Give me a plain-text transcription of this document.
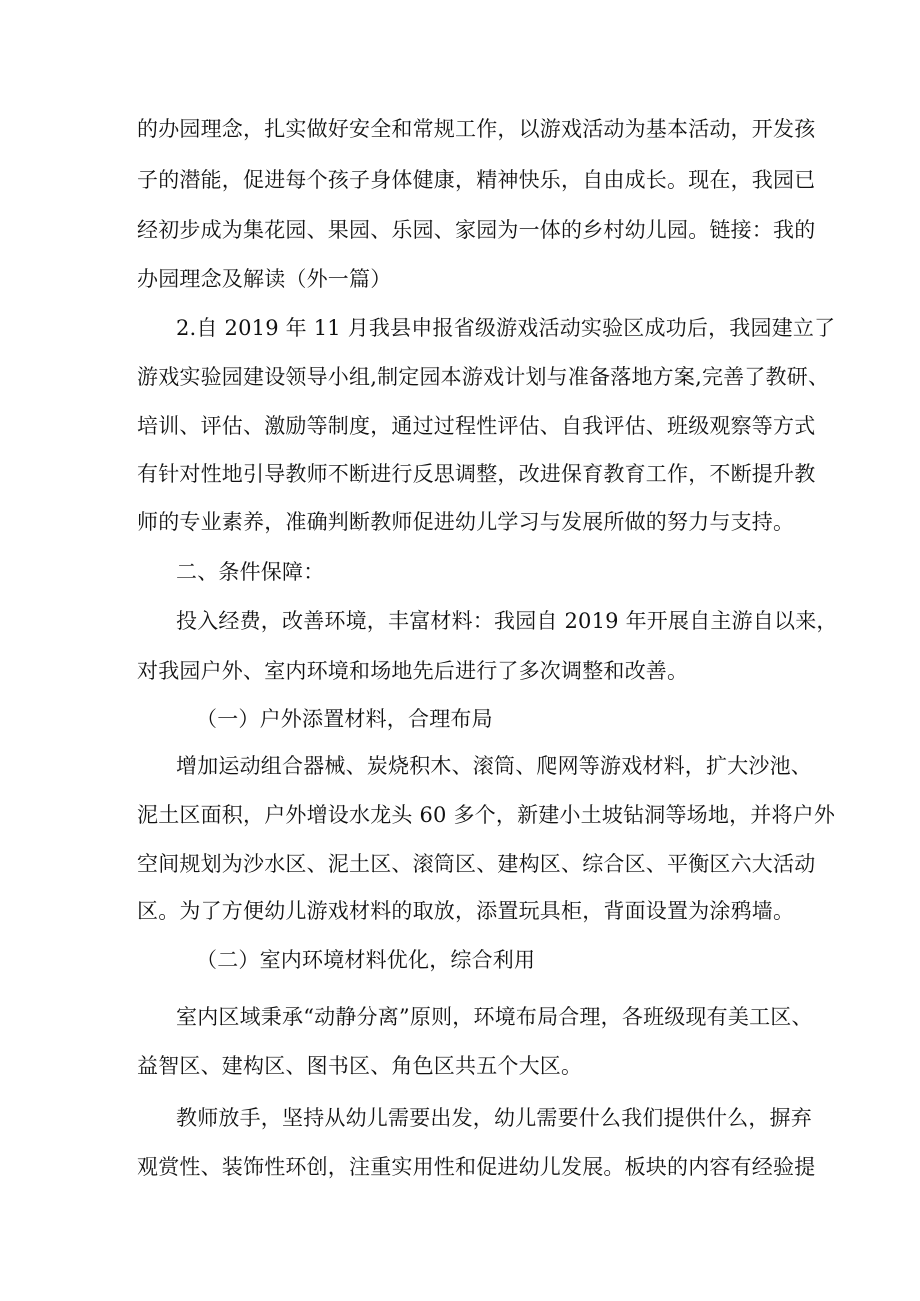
的办园理念，扎实做好安全和常规工作，以游戏活动为基本活动，开发孩

子的潜能，促进每个孩子身体健康，精神快乐，自由成长。现在，我园已

经初步成为集花园、果园、乐园、家园为一体的乡村幼儿园。链接：我的

办园理念及解读（外一篇）

2.自 2019 年 11 月我县申报省级游戏活动实验区成功后，我园建立了

游戏实验园建设领导小组,制定园本游戏计划与准备落地方案,完善了教研、

培训、评估、激励等制度，通过过程性评估、自我评估、班级观察等方式

有针对性地引导教师不断进行反思调整，改进保育教育工作，不断提升教

师的专业素养，准确判断教师促进幼儿学习与发展所做的努力与支持。

二、条件保障：

投入经费，改善环境，丰富材料：我园自 2019 年开展自主游自以来，

对我园户外、室内环境和场地先后进行了多次调整和改善。

（一）户外添置材料，合理布局

增加运动组合器械、炭烧积木、滚筒、爬网等游戏材料，扩大沙池、

泥土区面积，户外增设水龙头 60 多个，新建小土坡钻洞等场地，并将户外

空间规划为沙水区、泥土区、滚筒区、建构区、综合区、平衡区六大活动

区。为了方便幼儿游戏材料的取放，添置玩具柜，背面设置为涂鸦墙。

（二）室内环境材料优化，综合利用

室内区域秉承“动静分离”原则，环境布局合理，各班级现有美工区、

益智区、建构区、图书区、角色区共五个大区。

教师放手，坚持从幼儿需要出发，幼儿需要什么我们提供什么，摒弃

观赏性、装饰性环创，注重实用性和促进幼儿发展。板块的内容有经验提
